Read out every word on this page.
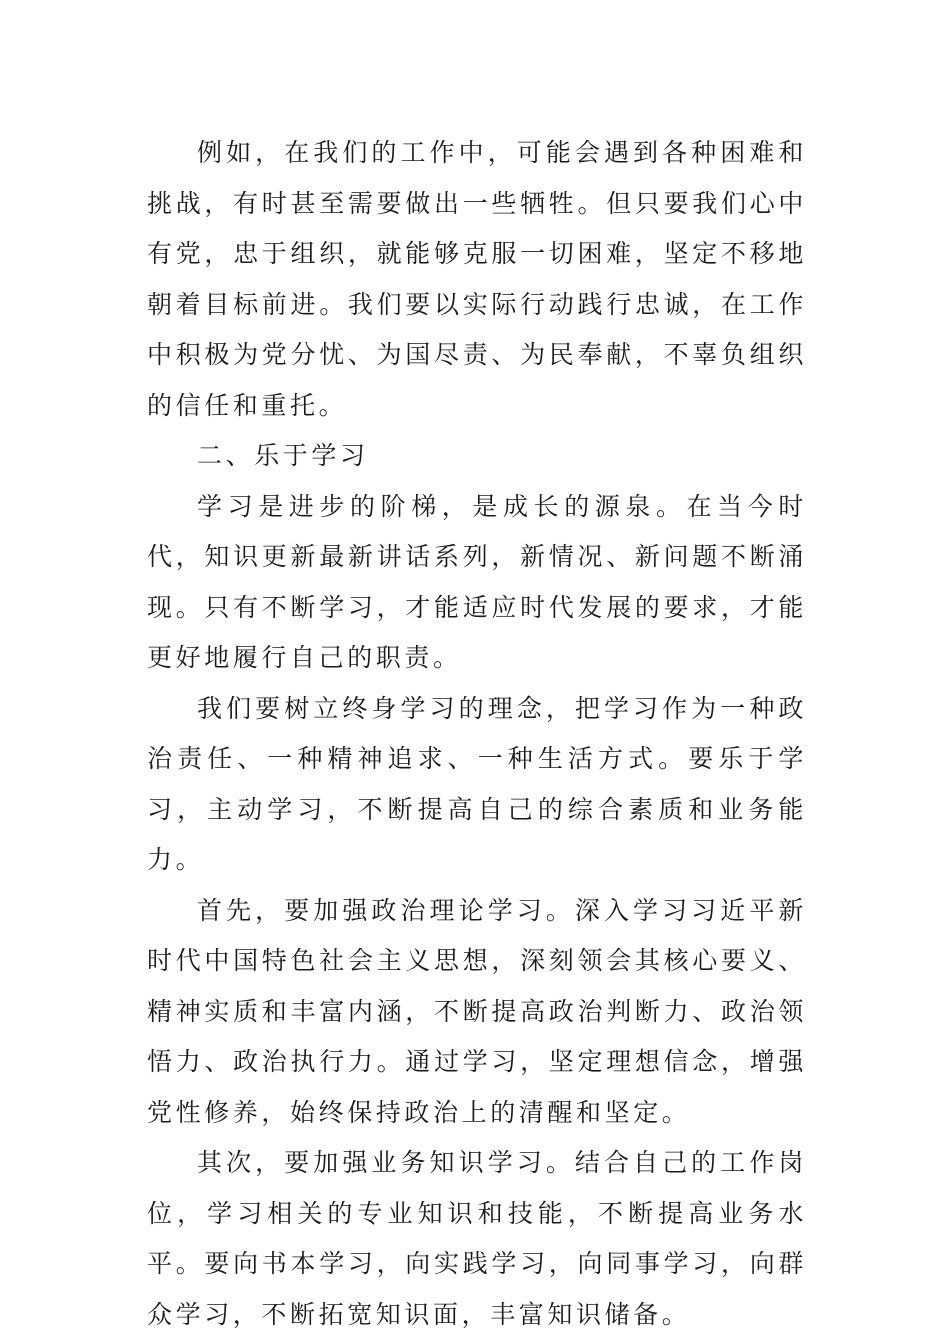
例如，在我们的工作中，可能会遇到各种困难和挑战，有时甚至需要做出一些牺牲。但只要我们心中有党，忠于组织，就能够克服一切困难，坚定不移地朝着目标前进。我们要以实际行动践行忠诚，在工作中积极为党分忧、为国尽责、为民奉献，不辜负组织的信任和重托。

二、乐于学习

学习是进步的阶梯，是成长的源泉。在当今时代，知识更新最新讲话系列，新情况、新问题不断涌现。只有不断学习，才能适应时代发展的要求，才能更好地履行自己的职责。

我们要树立终身学习的理念，把学习作为一种政治责任、一种精神追求、一种生活方式。要乐于学习，主动学习，不断提高自己的综合素质和业务能力。

首先，要加强政治理论学习。深入学习习近平新时代中国特色社会主义思想，深刻领会其核心要义、精神实质和丰富内涵，不断提高政治判断力、政治领悟力、政治执行力。通过学习，坚定理想信念，增强党性修养，始终保持政治上的清醒和坚定。

其次，要加强业务知识学习。结合自己的工作岗位，学习相关的专业知识和技能，不断提高业务水平。要向书本学习，向实践学习，向同事学习，向群众学习，不断拓宽知识面，丰富知识储备。
